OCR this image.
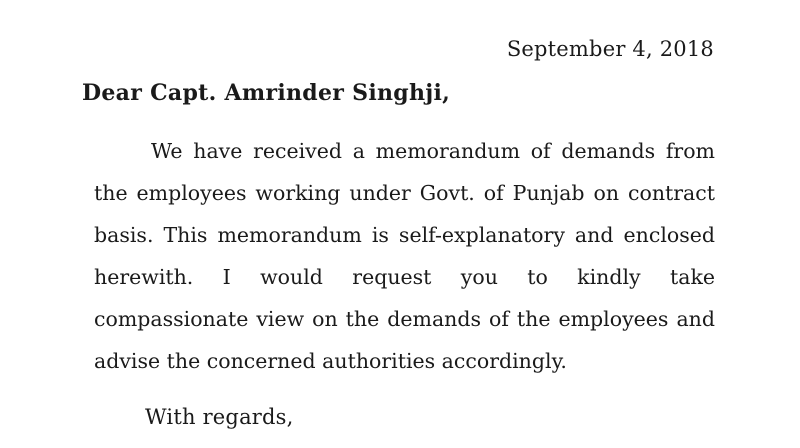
September 4, 2018
Dear Capt. Amrinder Singhji,

We have received a memorandum of demands from the employees working under Govt. of Punjab on contract basis. This memorandum is self-explanatory and enclosed herewith. I would request you to kindly take compassionate view on the demands of the employees and advise the concerned authorities accordingly.

With regards,
